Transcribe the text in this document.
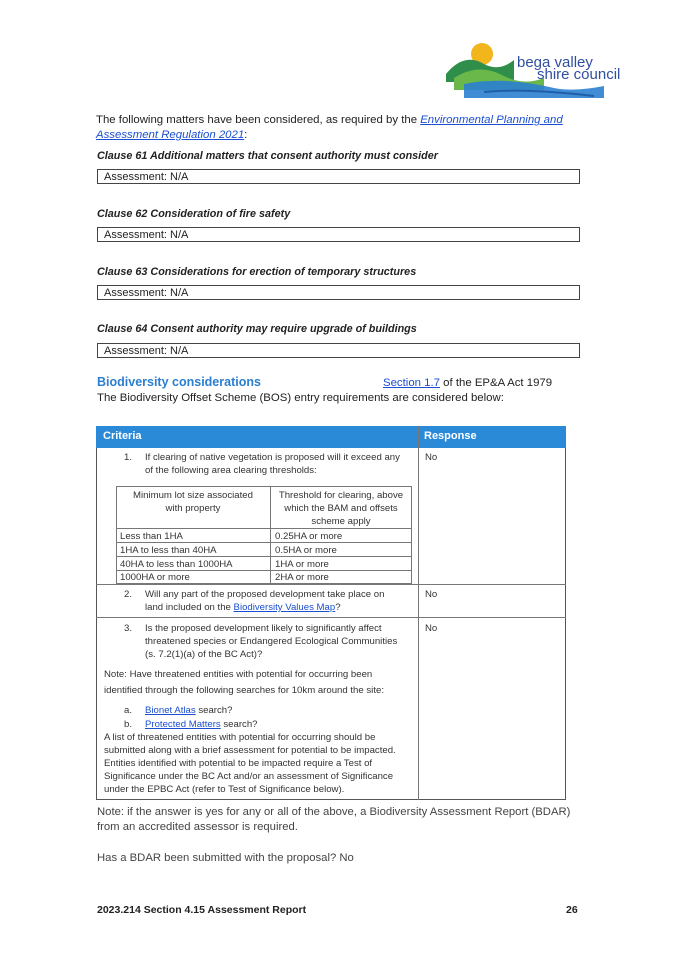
bega valley
shire council
The following matters have been considered, as required by the Environmental Planning and
Assessment Regulation 2021:
Clause 61 Additional matters that consent authority must consider
Assessment: N/A
Clause 62 Consideration of fire safety
Assessment: N/A
Clause 63 Considerations for erection of temporary structures
Assessment: N/A
Clause 64 Consent authority may require upgrade of buildings
Assessment: N/A
Biodiversity considerations	Section 1.7 of the EP&A Act 1979
The Biodiversity Offset Scheme (BOS) entry requirements are considered below:
Criteria	Response
1. If clearing of native vegetation is proposed will it exceed any
of the following area clearing thresholds:
No
Minimum lot size associated
with property
Threshold for clearing, above
which the BAM and offsets
scheme apply
Less than 1HA	0.25HA or more
1HA to less than 40HA	0.5HA or more
40HA to less than 1000HA	1HA or more
1000HA or more	2HA or more
2. Will any part of the proposed development take place on
land included on the Biodiversity Values Map?
No
3. Is the proposed development likely to significantly affect
threatened species or Endangered Ecological Communities
(s. 7.2(1)(a) of the BC Act)?
No
Note: Have threatened entities with potential for occurring been
identified through the following searches for 10km around the site:
a. Bionet Atlas search?
b. Protected Matters search?
A list of threatened entities with potential for occurring should be
submitted along with a brief assessment for potential to be impacted.
Entities identified with potential to be impacted require a Test of
Significance under the BC Act and/or an assessment of Significance
under the EPBC Act (refer to Test of Significance below).
Note: if the answer is yes for any or all of the above, a Biodiversity Assessment Report (BDAR)
from an accredited assessor is required.
Has a BDAR been submitted with the proposal? No
2023.214 Section 4.15 Assessment Report	26
